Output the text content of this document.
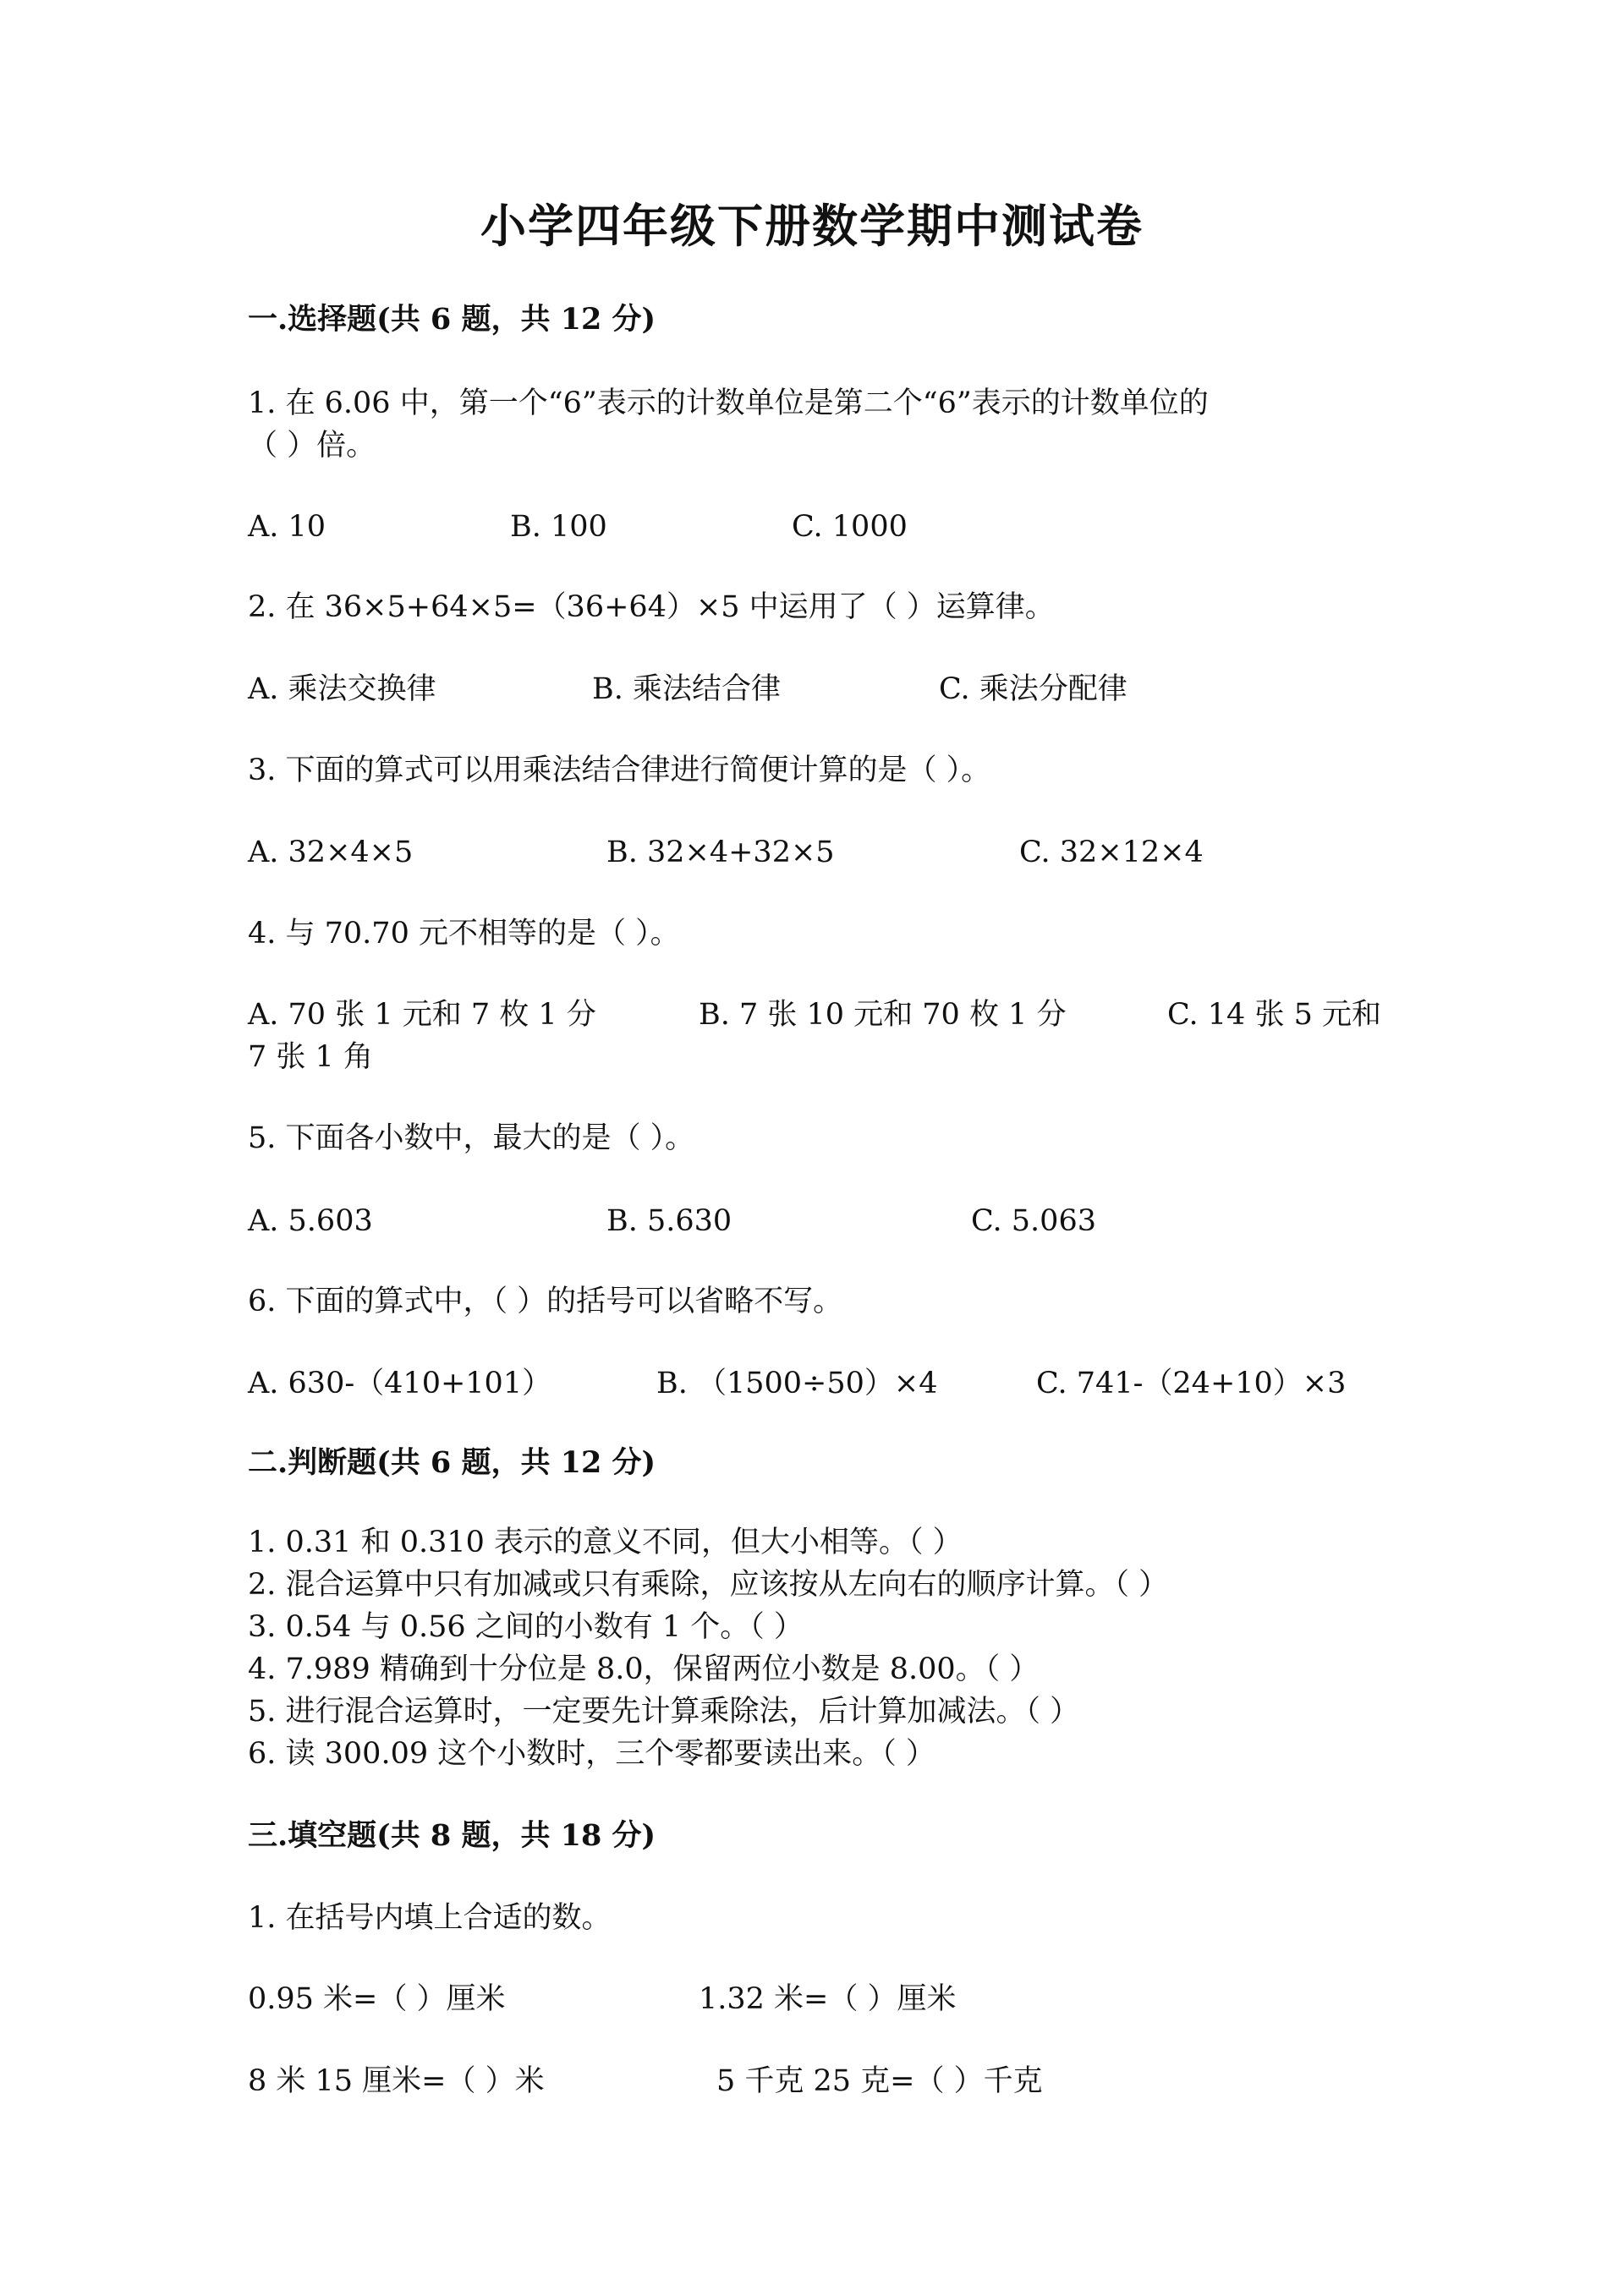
小学四年级下册数学期中测试卷
一.选择题(共 6 题，共 12 分)
1. 在 6.06 中，第一个“6”表示的计数单位是第二个“6”表示的计数单位的
（ ）倍。
A. 10	B. 100	C. 1000
2. 在 36×5+64×5=（36+64）×5 中运用了（ ）运算律。
A. 乘法交换律	B. 乘法结合律	C. 乘法分配律
3. 下面的算式可以用乘法结合律进行简便计算的是（ ）。
A. 32×4×5	B. 32×4+32×5	C. 32×12×4
4. 与 70.70 元不相等的是（ ）。
A. 70 张 1 元和 7 枚 1 分	B. 7 张 10 元和 70 枚 1 分	C. 14 张 5 元和
7 张 1 角
5. 下面各小数中，最大的是（ ）。
A. 5.603	B. 5.630	C. 5.063
6. 下面的算式中，（ ）的括号可以省略不写。
A. 630-（410+101）	B. （1500÷50）×4	C. 741-（24+10）×3
二.判断题(共 6 题，共 12 分)
1. 0.31 和 0.310 表示的意义不同，但大小相等。（ ）
2. 混合运算中只有加减或只有乘除，应该按从左向右的顺序计算。（ ）
3. 0.54 与 0.56 之间的小数有 1 个。（ ）
4. 7.989 精确到十分位是 8.0，保留两位小数是 8.00。（ ）
5. 进行混合运算时，一定要先计算乘除法，后计算加减法。（ ）
6. 读 300.09 这个小数时，三个零都要读出来。（ ）
三.填空题(共 8 题，共 18 分)
1. 在括号内填上合适的数。
0.95 米=（ ）厘米	1.32 米=（ ）厘米
8 米 15 厘米=（ ）米	5 千克 25 克=（ ）千克
